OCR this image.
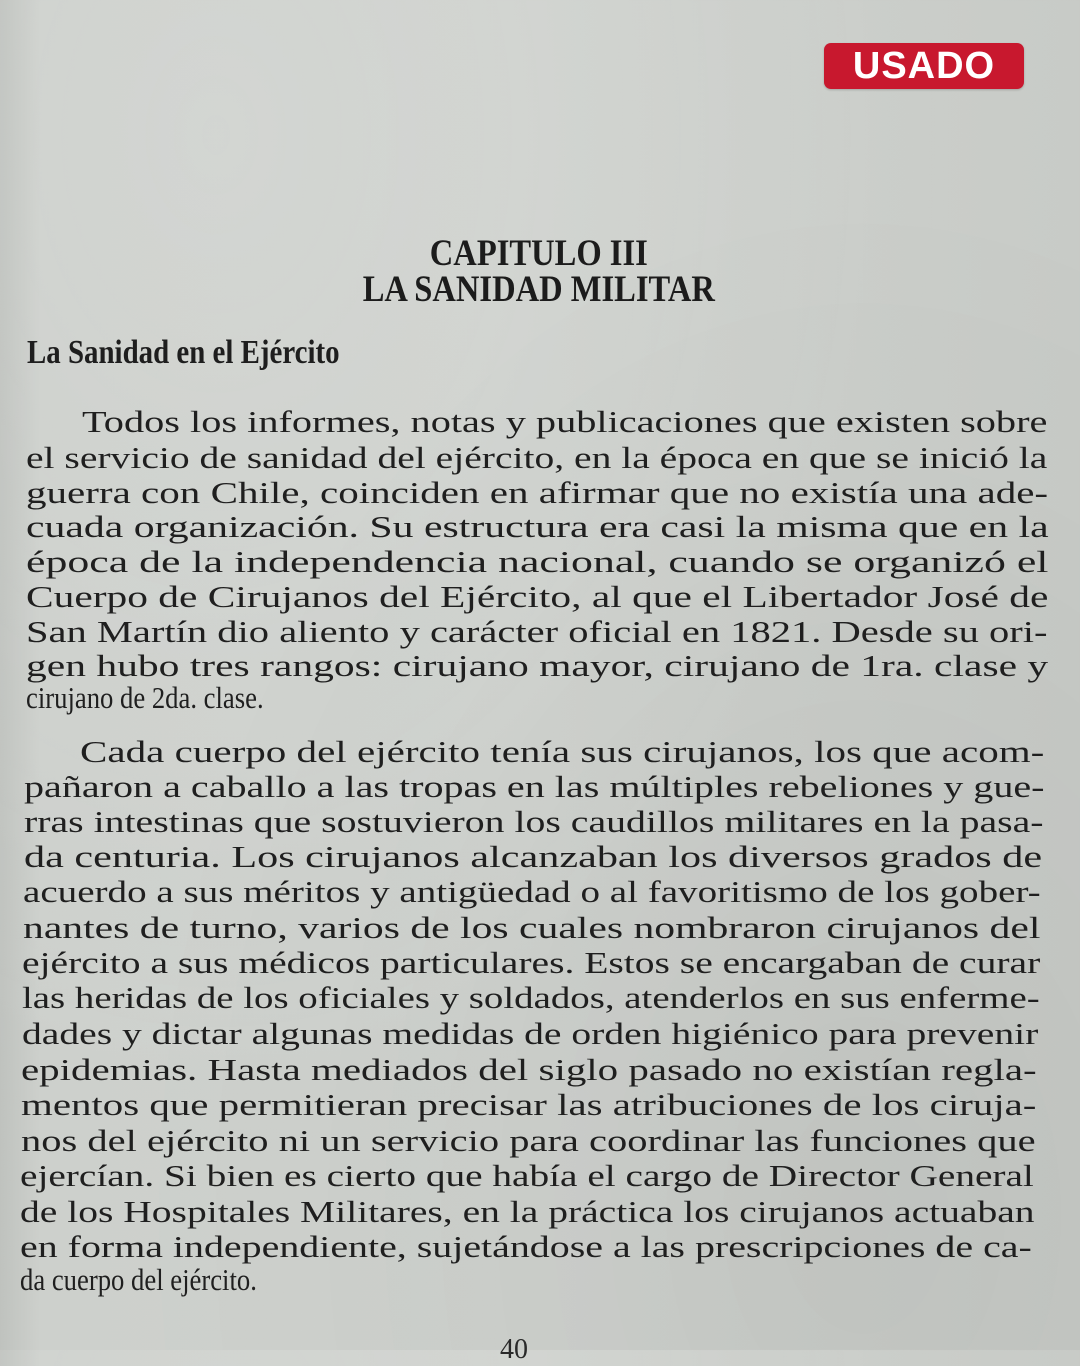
USADO
CAPITULO III
LA SANIDAD MILITAR
La Sanidad en el Ejército
Todos los informes, notas y publicaciones que existen sobre
el servicio de sanidad del ejército, en la época en que se inició la
guerra con Chile, coinciden en afirmar que no existía una ade-
cuada organización. Su estructura era casi la misma que en la
época de la independencia nacional, cuando se organizó el
Cuerpo de Cirujanos del Ejército, al que el Libertador José de
San Martín dio aliento y carácter oficial en 1821. Desde su ori-
gen hubo tres rangos: cirujano mayor, cirujano de 1ra. clase y
cirujano de 2da. clase.
Cada cuerpo del ejército tenía sus cirujanos, los que acom-
pañaron a caballo a las tropas en las múltiples rebeliones y gue-
rras intestinas que sostuvieron los caudillos militares en la pasa-
da centuria. Los cirujanos alcanzaban los diversos grados de
acuerdo a sus méritos y antigüedad o al favoritismo de los gober-
nantes de turno, varios de los cuales nombraron cirujanos del
ejército a sus médicos particulares. Estos se encargaban de curar
las heridas de los oficiales y soldados, atenderlos en sus enferme-
dades y dictar algunas medidas de orden higiénico para prevenir
epidemias. Hasta mediados del siglo pasado no existían regla-
mentos que permitieran precisar las atribuciones de los ciruja-
nos del ejército ni un servicio para coordinar las funciones que
ejercían. Si bien es cierto que había el cargo de Director General
de los Hospitales Militares, en la práctica los cirujanos actuaban
en forma independiente, sujetándose a las prescripciones de ca-
da cuerpo del ejército.
40
